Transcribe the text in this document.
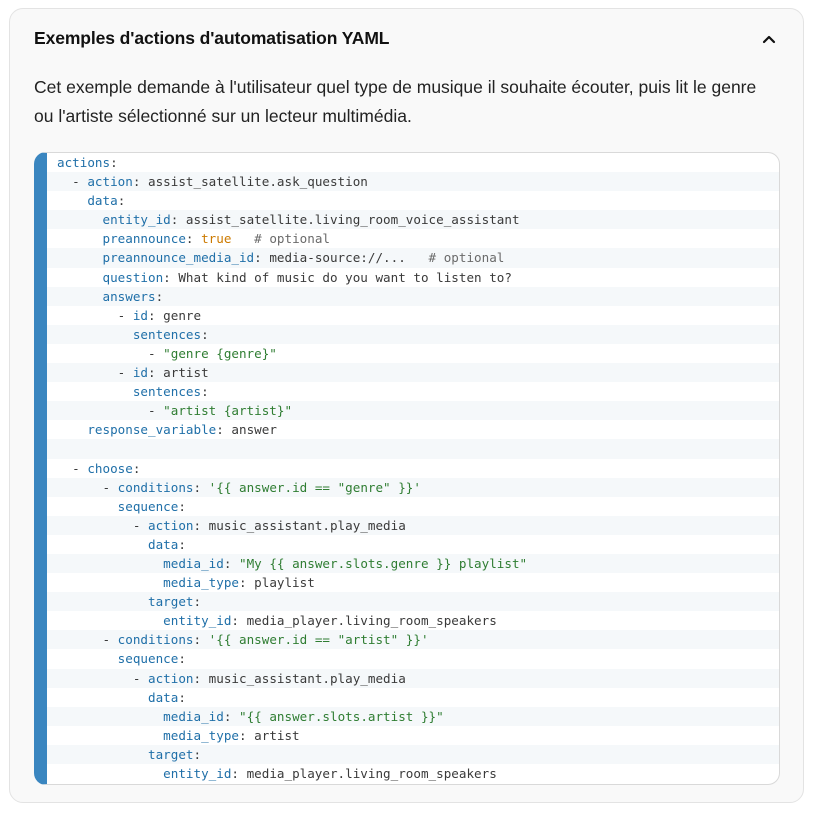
Exemples d'actions d'automatisation YAML
Cet exemple demande à l'utilisateur quel type de musique il souhaite écouter, puis lit le genre ou l'artiste sélectionné sur un lecteur multimédia.
actions:
- action: assist_satellite.ask_question
data:
entity_id: assist_satellite.living_room_voice_assistant
preannounce: true # optional
preannounce_media_id: media-source://...   # optional
question: What kind of music do you want to listen to?
answers:
- id: genre
sentences:
- "genre {genre}"
- id: artist
sentences:
- "artist {artist}"
response_variable: answer

- choose:
- conditions: '{{ answer.id == "genre" }}'
sequence:
- action: music_assistant.play_media
data:
media_id: "My {{ answer.slots.genre }} playlist"
media_type: playlist
target:
entity_id: media_player.living_room_speakers
- conditions: '{{ answer.id == "artist" }}'
sequence:
- action: music_assistant.play_media
data:
media_id: "{{ answer.slots.artist }}"
media_type: artist
target:
entity_id: media_player.living_room_speakers
